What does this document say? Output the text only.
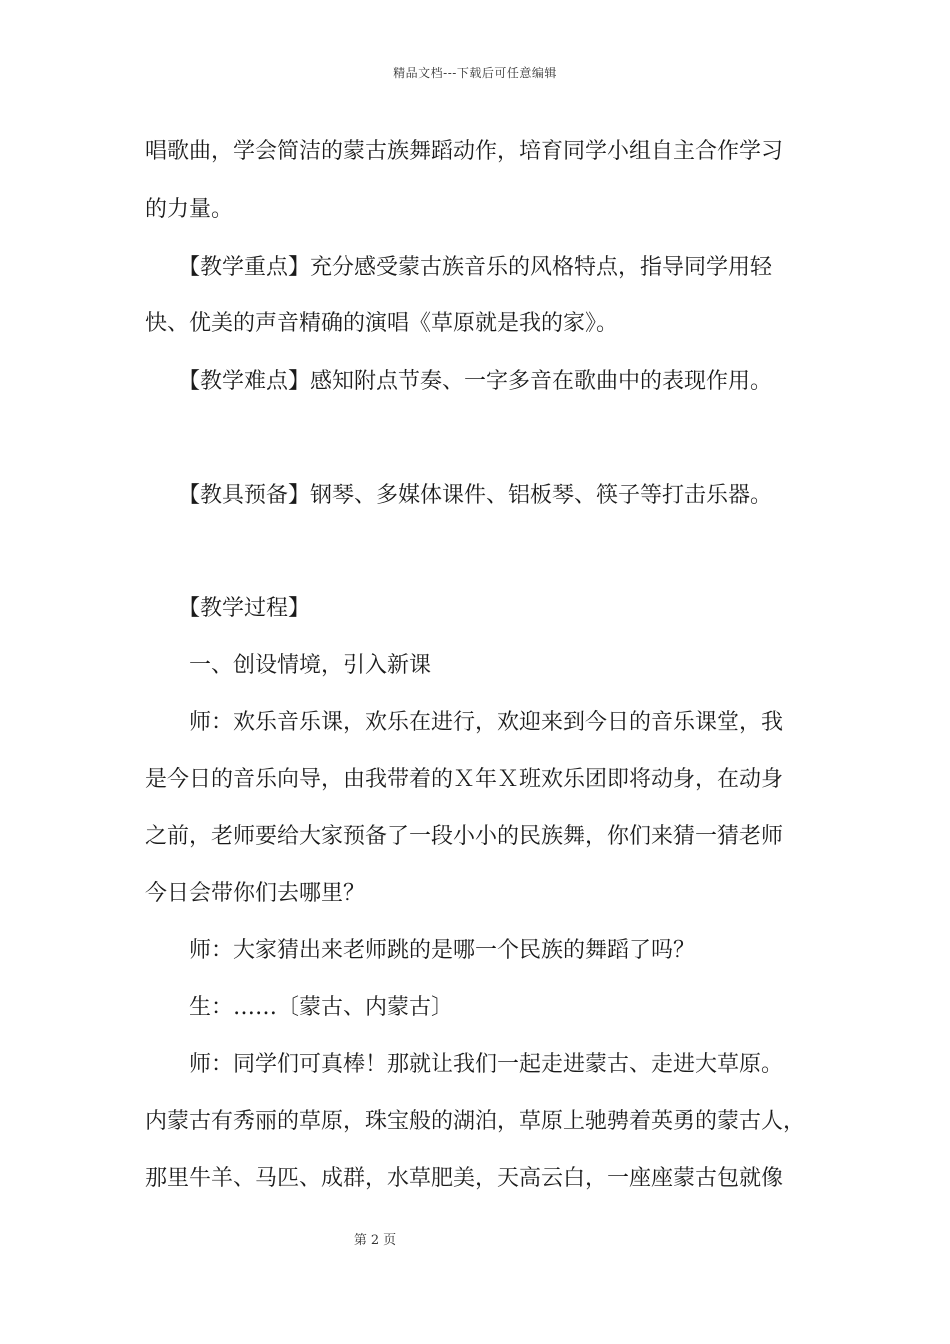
精品文档---下载后可任意编辑
唱歌曲，学会简洁的蒙古族舞蹈动作，培育同学小组自主合作学习
的力量。
　　【教学重点】充分感受蒙古族音乐的风格特点，指导同学用轻
快、优美的声音精确的演唱《草原就是我的家》。
　　【教学难点】感知附点节奏、一字多音在歌曲中的表现作用。
　　【教具预备】钢琴、多媒体课件、铝板琴、筷子等打击乐器。
　　【教学过程】
　　一、创设情境，引入新课
　　师：欢乐音乐课，欢乐在进行，欢迎来到今日的音乐课堂，我
是今日的音乐向导，由我带着的Ｘ年Ｘ班欢乐团即将动身，在动身
之前，老师要给大家预备了一段小小的民族舞，你们来猜一猜老师
今日会带你们去哪里？
　　师：大家猜出来老师跳的是哪一个民族的舞蹈了吗？
　　生：……〔蒙古、内蒙古〕
　　师：同学们可真棒！那就让我们一起走进蒙古、走进大草原。
内蒙古有秀丽的草原，珠宝般的湖泊，草原上驰骋着英勇的蒙古人，
那里牛羊、马匹、成群，水草肥美，天高云白，一座座蒙古包就像
第 2 页
